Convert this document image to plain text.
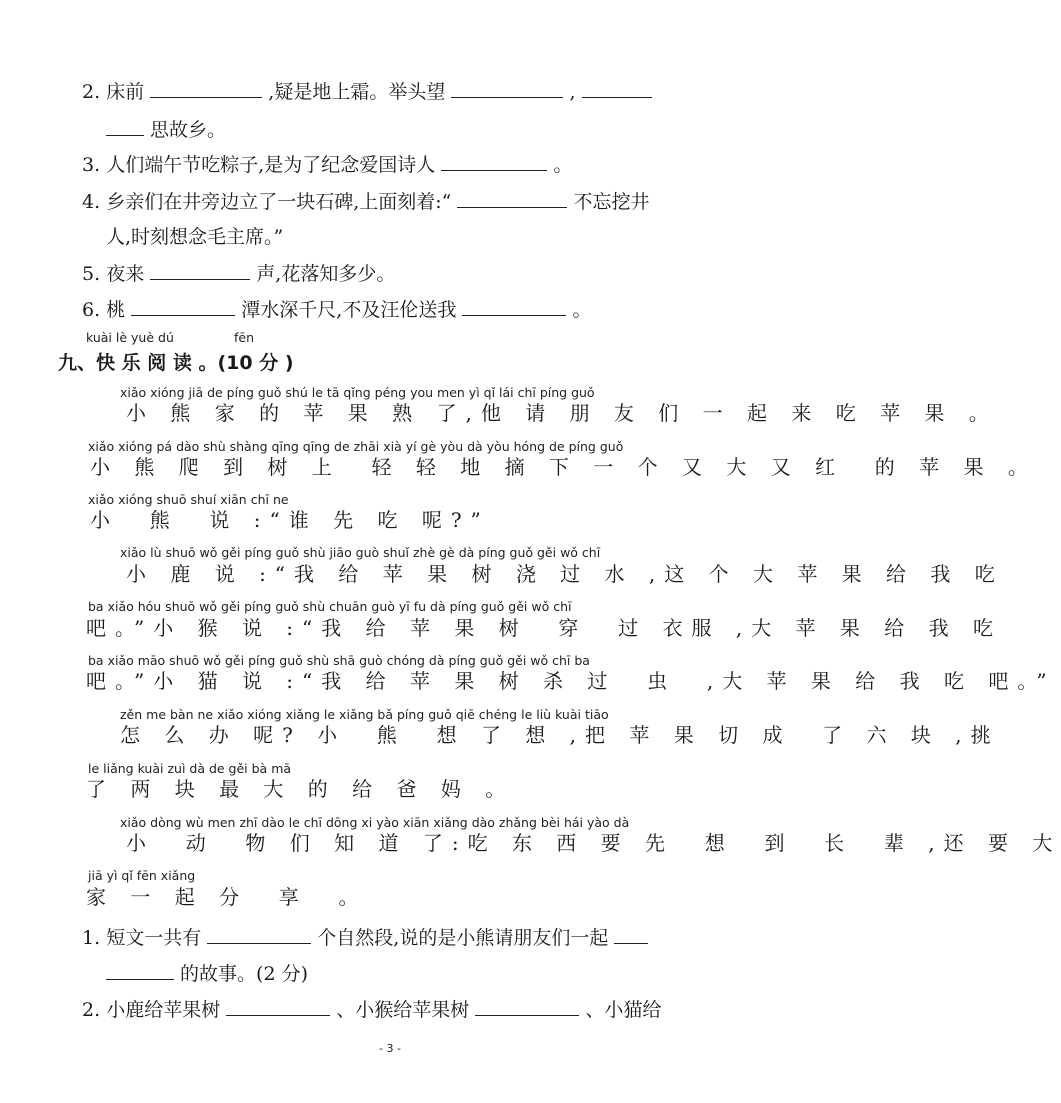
2. 床前	,疑是地上霜。举头望	,
思故乡。
3. 人们端午节吃粽子,是为了纪念爱国诗人	。
4. 乡亲们在井旁边立了一块石碑,上面刻着:“	不忘挖井
人,时刻想念毛主席。”
5. 夜来	声,花落知多少。
6. 桃	潭水深千尺,不及汪伦送我	。
kuài lè yuè dú	fēn
九、快 乐 阅 读 。(10 分 )
xiǎo xióng jiā de píng guǒ shú le tā qǐng péng you men yì qǐ lái chī píng guǒ
小 熊 家 的 苹 果 熟 了,他 请 朋 友 们 一 起 来 吃 苹 果 。
xiǎo xióng pá dào shù shàng qīng qīng de zhāi xià yí gè yòu dà yòu hóng de píng guǒ
小 熊 爬 到 树 上  轻 轻 地 摘 下 一 个 又 大 又 红  的 苹 果 。
xiǎo xióng shuō shuí xiān chī ne
小  熊  说 :“谁 先 吃 呢?”
xiǎo lù shuō wǒ gěi píng guǒ shù jiāo guò shuǐ zhè gè dà píng guǒ gěi wǒ chī
小 鹿 说 :“我 给 苹 果 树 浇 过 水 ,这 个 大 苹 果 给 我 吃
ba xiǎo hóu shuō wǒ gěi píng guǒ shù chuān guò yī fu dà píng guǒ gěi wǒ chī
吧。”小 猴 说 :“我 给 苹 果 树  穿  过 衣服 ,大 苹 果 给 我 吃
ba xiǎo māo shuō wǒ gěi píng guǒ shù shā guò chóng dà píng guǒ gěi wǒ chī ba
吧。”小 猫 说 :“我 给 苹 果 树 杀 过  虫  ,大 苹 果 给 我 吃 吧。”
zěn me bàn ne xiǎo xióng xiǎng le xiǎng bǎ píng guǒ qiē chéng le liù kuài tiāo
怎 么 办 呢? 小  熊  想 了 想 ,把 苹 果 切 成  了 六 块 ,挑
le liǎng kuài zuì dà de gěi bà mā
了 两 块 最 大 的 给 爸 妈 。
xiǎo dòng wù men zhī dào le chī dōng xi yào xiān xiǎng dào zhǎng bèi hái yào dà
小  动  物 们 知 道 了:吃 东 西 要 先  想  到  长  辈 ,还 要 大
jiā yì qǐ fēn xiǎng
家 一 起 分  享  。
1. 短文一共有	个自然段,说的是小熊请朋友们一起
的故事。(2 分)
2. 小鹿给苹果树	、小猴给苹果树	、小猫给
- 3 -
